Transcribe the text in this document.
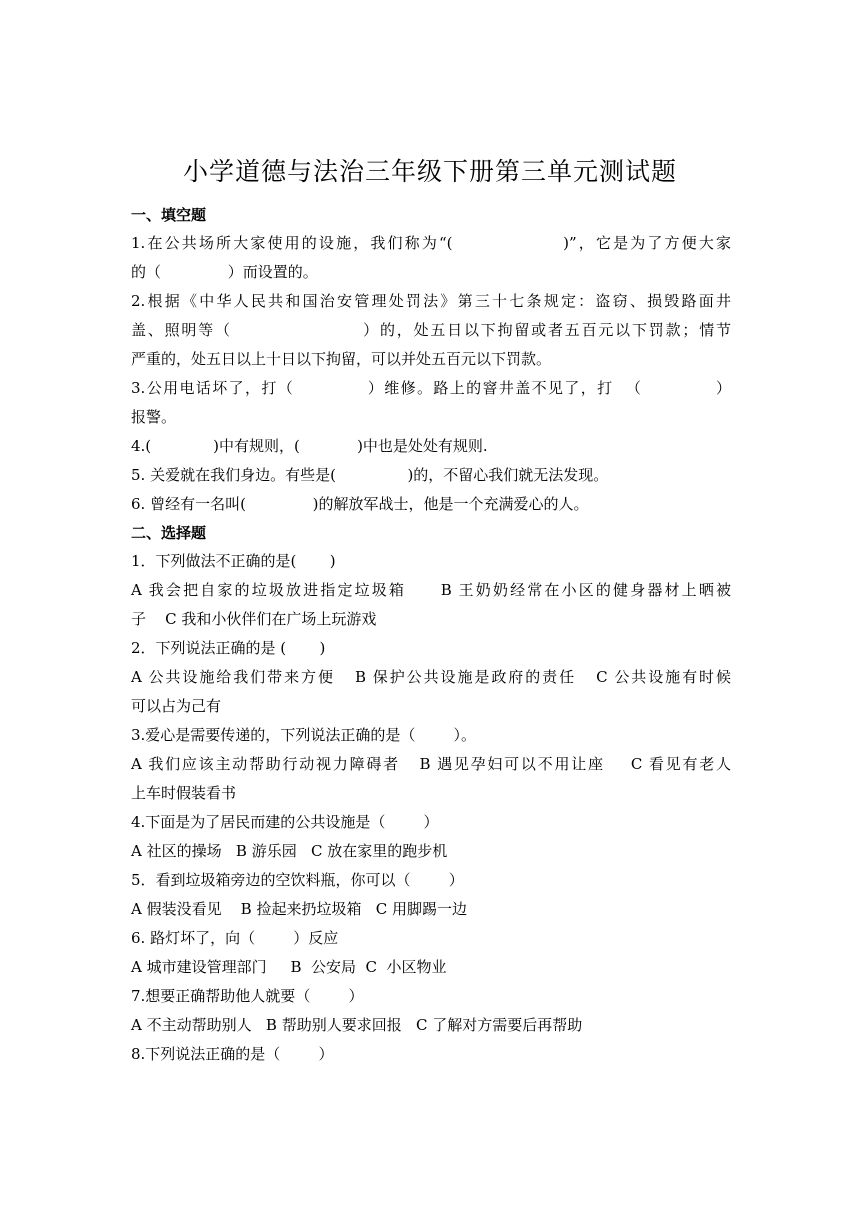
小学道德与法治三年级下册第三单元测试题
一、填空题
1.在公共场所大家使用的设施，我们称为“(                )”，它是为了方便大家
的（              ）而设置的。
2.根据《中华人民共和国治安管理处罚法》第三十七条规定：盗窃、损毁路面井
盖、照明等（                    ）的，处五日以下拘留或者五百元以下罚款；情节
严重的，处五日以上十日以下拘留，可以并处五百元以下罚款。
3.公用电话坏了，打（            ）维修。路上的窨井盖不见了，打  （            ）
报警。
4.(             )中有规则，(            )中也是处处有规则.
5. 关爱就在我们身边。有些是(               )的，不留心我们就无法发现。
6. 曾经有一名叫(              )的解放军战士，他是一个充满爱心的人。
二、选择题
1．下列做法不正确的是(       )
A 我会把自家的垃圾放进指定垃圾箱     B 王奶奶经常在小区的健身器材上晒被
子    C 我和小伙伴们在广场上玩游戏
2．下列说法正确的是 (       )
A 公共设施给我们带来方便   B 保护公共设施是政府的责任   C 公共设施有时候
可以占为己有
3.爱心是需要传递的，下列说法正确的是（        ）。
A 我们应该主动帮助行动视力障碍者   B 遇见孕妇可以不用让座    C 看见有老人
上车时假装看书
4.下面是为了居民而建的公共设施是（        ）
A 社区的操场   B 游乐园   C 放在家里的跑步机
5．看到垃圾箱旁边的空饮料瓶，你可以（        ）
A 假装没看见    B 捡起来扔垃圾箱   C 用脚踢一边
6. 路灯坏了，向（        ）反应
A 城市建设管理部门     B  公安局  C  小区物业
7.想要正确帮助他人就要（        ）
A 不主动帮助别人   B 帮助别人要求回报   C 了解对方需要后再帮助
8.下列说法正确的是（        ）
